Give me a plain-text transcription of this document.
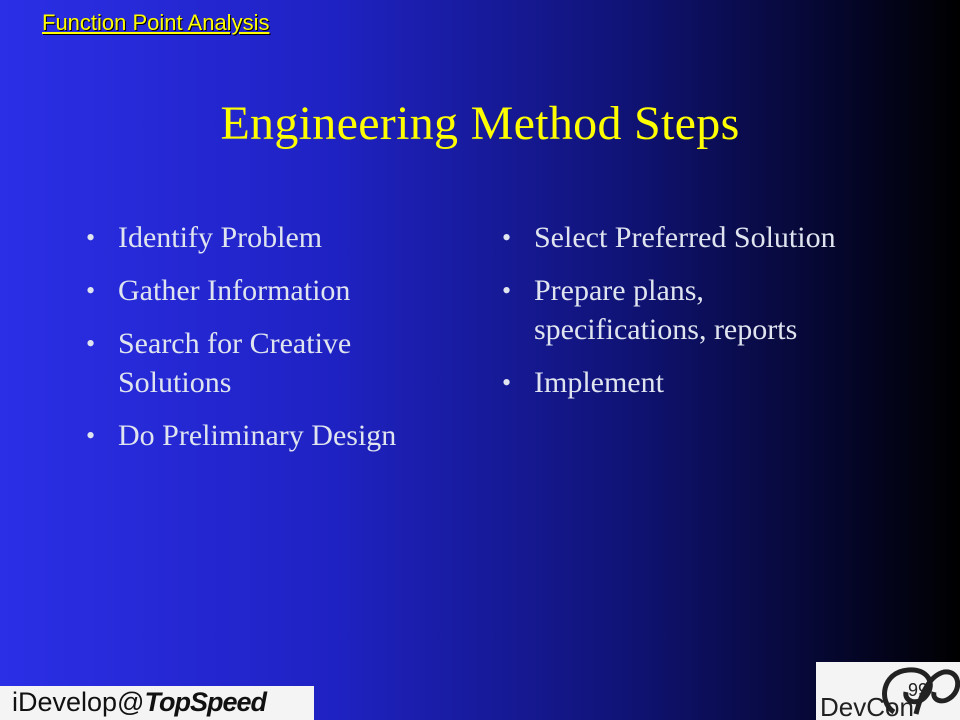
Function Point Analysis
Engineering Method Steps
• Identify Problem
• Gather Information
• Search for Creative Solutions
• Do Preliminary Design
• Select Preferred Solution
• Prepare plans, specifications, reports
• Implement
iDevelop@TopSpeed	99
DevCon
